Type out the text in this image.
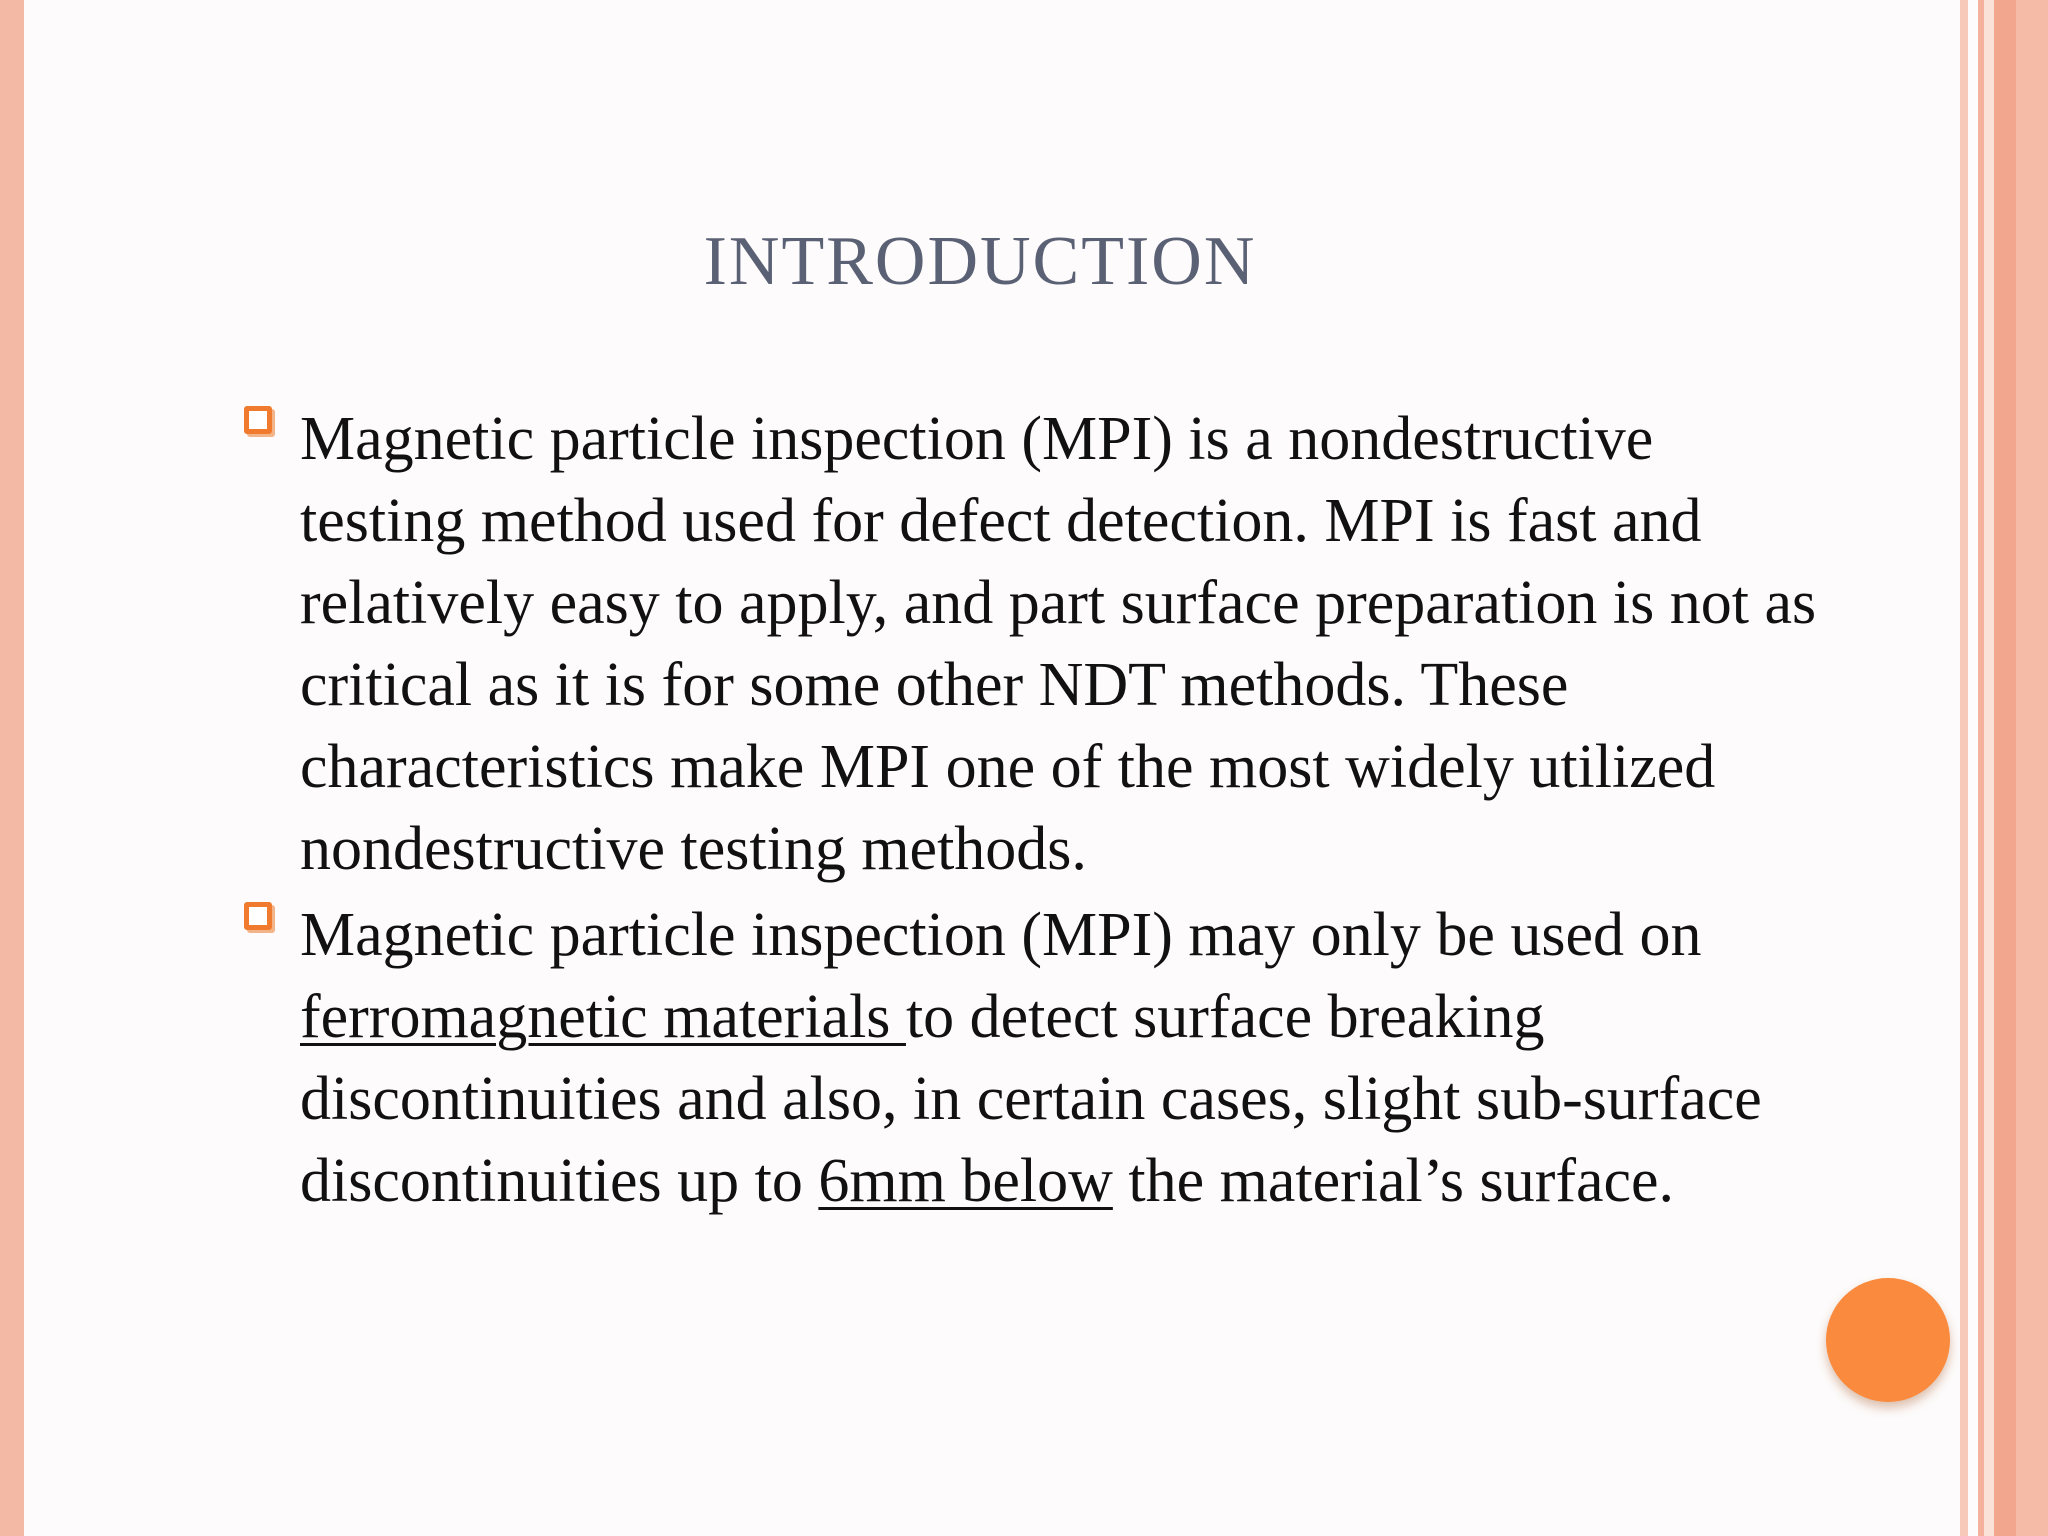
INTRODUCTION
Magnetic particle inspection (MPI) is a nondestructive testing method used for defect detection. MPI is fast and relatively easy to apply, and part surface preparation is not as critical as it is for some other NDT methods. These characteristics make MPI one of the most widely utilized nondestructive testing methods.
Magnetic particle inspection (MPI) may only be used on ferromagnetic materials to detect surface breaking discontinuities and also, in certain cases, slight sub-surface discontinuities up to 6mm below the material’s surface.
